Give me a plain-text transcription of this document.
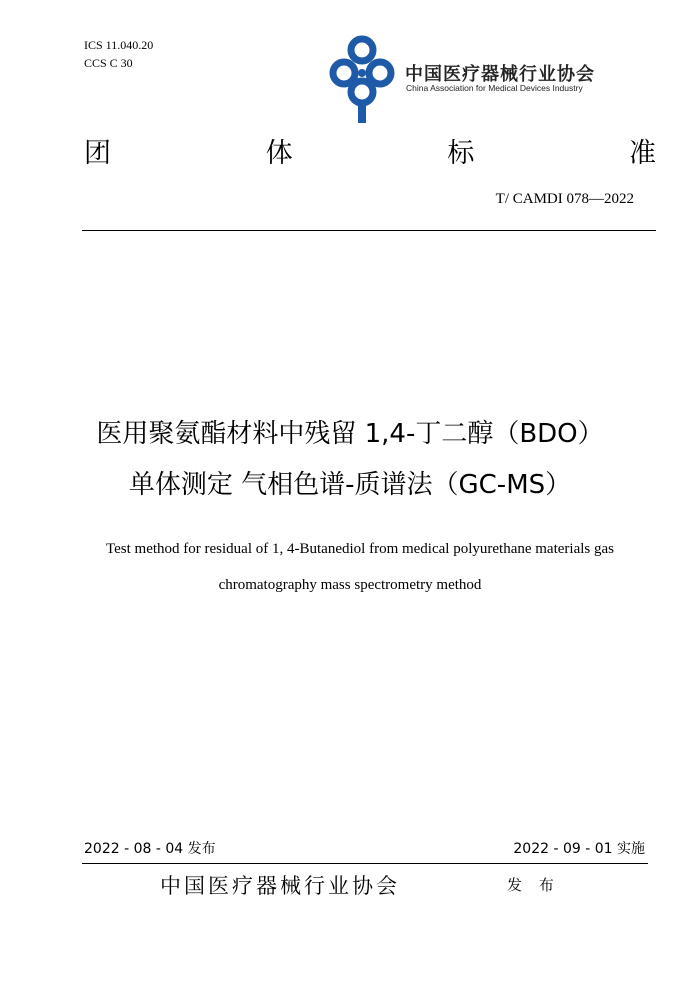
ICS 11.040.20
CCS C 30
中国医疗器械行业协会
China Association for Medical Devices Industry
团	体	标	准
T/ CAMDI 078—2022
医用聚氨酯材料中残留 1,4-丁二醇（BDO）
单体测定 气相色谱-质谱法（GC-MS）
Test method for residual of 1, 4-Butanediol from medical polyurethane materials gas
chromatography mass spectrometry method
2022 - 08 - 04 发布	2022 - 09 - 01 实施
中国医疗器械行业协会	发 布
